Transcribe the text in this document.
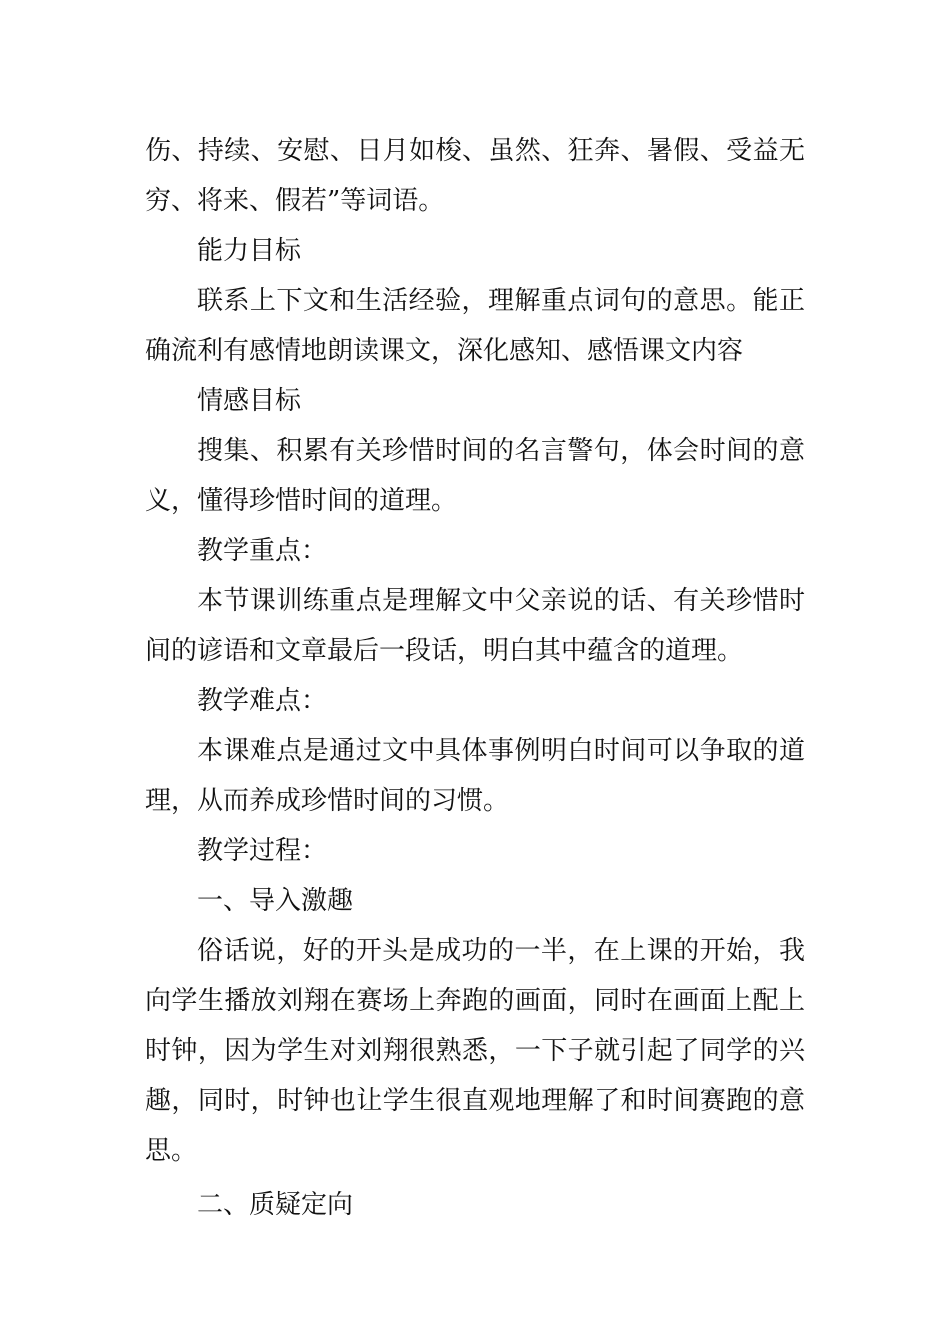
伤、持续、安慰、日月如梭、虽然、狂奔、暑假、受益无穷、将来、假若”等词语。

能力目标

联系上下文和生活经验，理解重点词句的意思。能正确流利有感情地朗读课文，深化感知、感悟课文内容

情感目标

搜集、积累有关珍惜时间的名言警句，体会时间的意义，懂得珍惜时间的道理。

教学重点：

本节课训练重点是理解文中父亲说的话、有关珍惜时间的谚语和文章最后一段话，明白其中蕴含的道理。

教学难点：

本课难点是通过文中具体事例明白时间可以争取的道理，从而养成珍惜时间的习惯。

教学过程：

一、导入激趣

俗话说，好的开头是成功的一半，在上课的开始，我向学生播放刘翔在赛场上奔跑的画面，同时在画面上配上时钟，因为学生对刘翔很熟悉，一下子就引起了同学的兴趣，同时，时钟也让学生很直观地理解了和时间赛跑的意思。

二、质疑定向
